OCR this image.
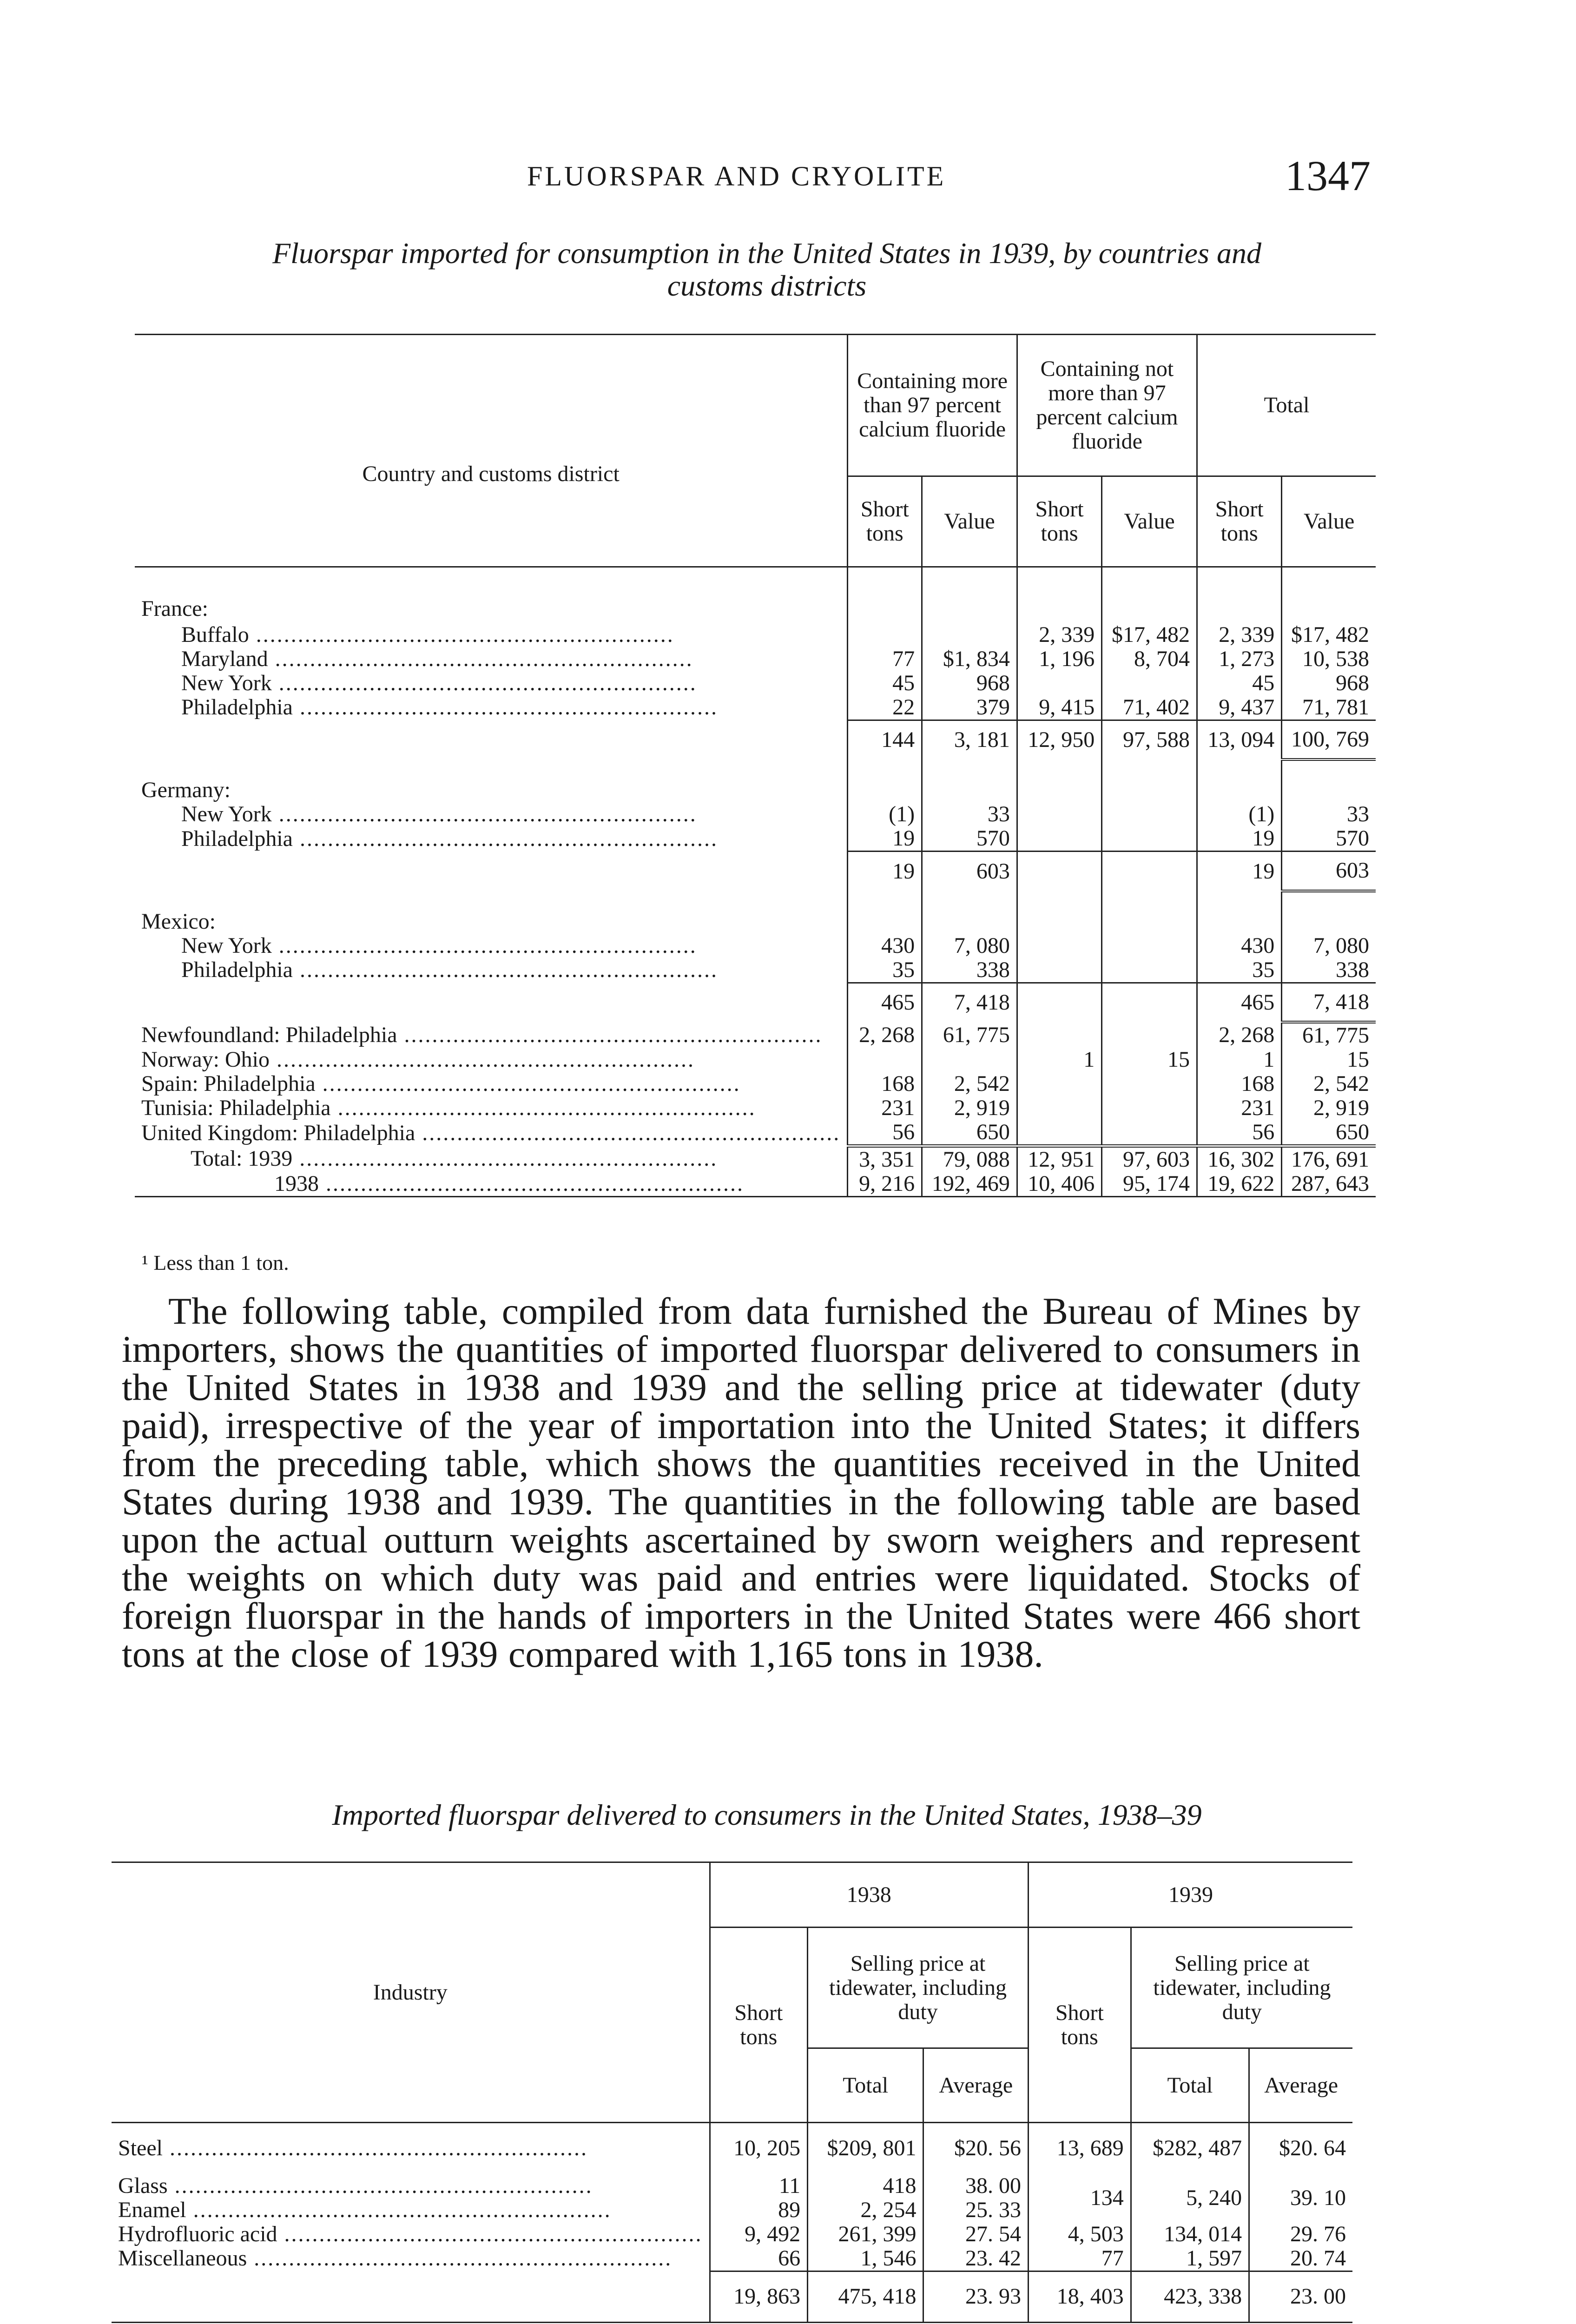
FLUORSPAR AND CRYOLITE	1347
Fluorspar imported for consumption in the United States in 1939, by countries and
customs districts
Country and customs district	Containing more than 97 percent calcium fluoride		Containing not more than 97 percent calcium fluoride		Total	
	Short tons	Value	Short tons	Value	Short tons	Value
France:						
Buffalo ............................................................			2, 339	$17, 482	2, 339	$17, 482
Maryland ............................................................	77	$1, 834	1, 196	8, 704	1, 273	10, 538
New York ............................................................	45	968			45	968
Philadelphia ............................................................	22	379	9, 415	71, 402	9, 437	71, 781
	144	3, 181	12, 950	97, 588	13, 094	100, 769
Germany:						
New York ............................................................	(1)	33			(1)	33
Philadelphia ............................................................	19	570			19	570
	19	603			19	603
Mexico:						
New York ............................................................	430	7, 080			430	7, 080
Philadelphia ............................................................	35	338			35	338
	465	7, 418			465	7, 418
Newfoundland: Philadelphia ............................................................	2, 268	61, 775			2, 268	61, 775
Norway: Ohio ............................................................			1	15	1	15
Spain: Philadelphia ............................................................	168	2, 542			168	2, 542
Tunisia: Philadelphia ............................................................	231	2, 919			231	2, 919
United Kingdom: Philadelphia ............................................................	56	650			56	650
Total: 1939 ............................................................	3, 351	79, 088	12, 951	97, 603	16, 302	176, 691
1938 ............................................................	9, 216	192, 469	10, 406	95, 174	19, 622	287, 643
¹ Less than 1 ton.
The following table, compiled from data furnished the Bureau of Mines by importers, shows the quantities of imported fluorspar delivered to consumers in the United States in 1938 and 1939 and the selling price at tidewater (duty paid), irrespective of the year of importation into the United States; it differs from the preceding table, which shows the quantities received in the United States during 1938 and 1939. The quantities in the following table are based upon the actual outturn weights ascertained by sworn weighers and represent the weights on which duty was paid and entries were liquidated. Stocks of foreign fluorspar in the hands of importers in the United States were 466 short tons at the close of 1939 compared with 1,165 tons in 1938.
Imported fluorspar delivered to consumers in the United States, 1938–39
Industry	1938			1939		
	Short tons	Selling price at tidewater, including duty		Short tons	Selling price at tidewater, including duty	
		Total	Average		Total	Average
Steel ............................................................	10, 205	$209, 801	$20. 56	13, 689	$282, 487	$20. 64
Glass ............................................................	11	418	38. 00	134	5, 240	39. 10
Enamel ............................................................	89	2, 254	25. 33			
Hydrofluoric acid ............................................................	9, 492	261, 399	27. 54	4, 503	134, 014	29. 76
Miscellaneous ............................................................	66	1, 546	23. 42	77	1, 597	20. 74
	19, 863	475, 418	23. 93	18, 403	423, 338	23. 00
